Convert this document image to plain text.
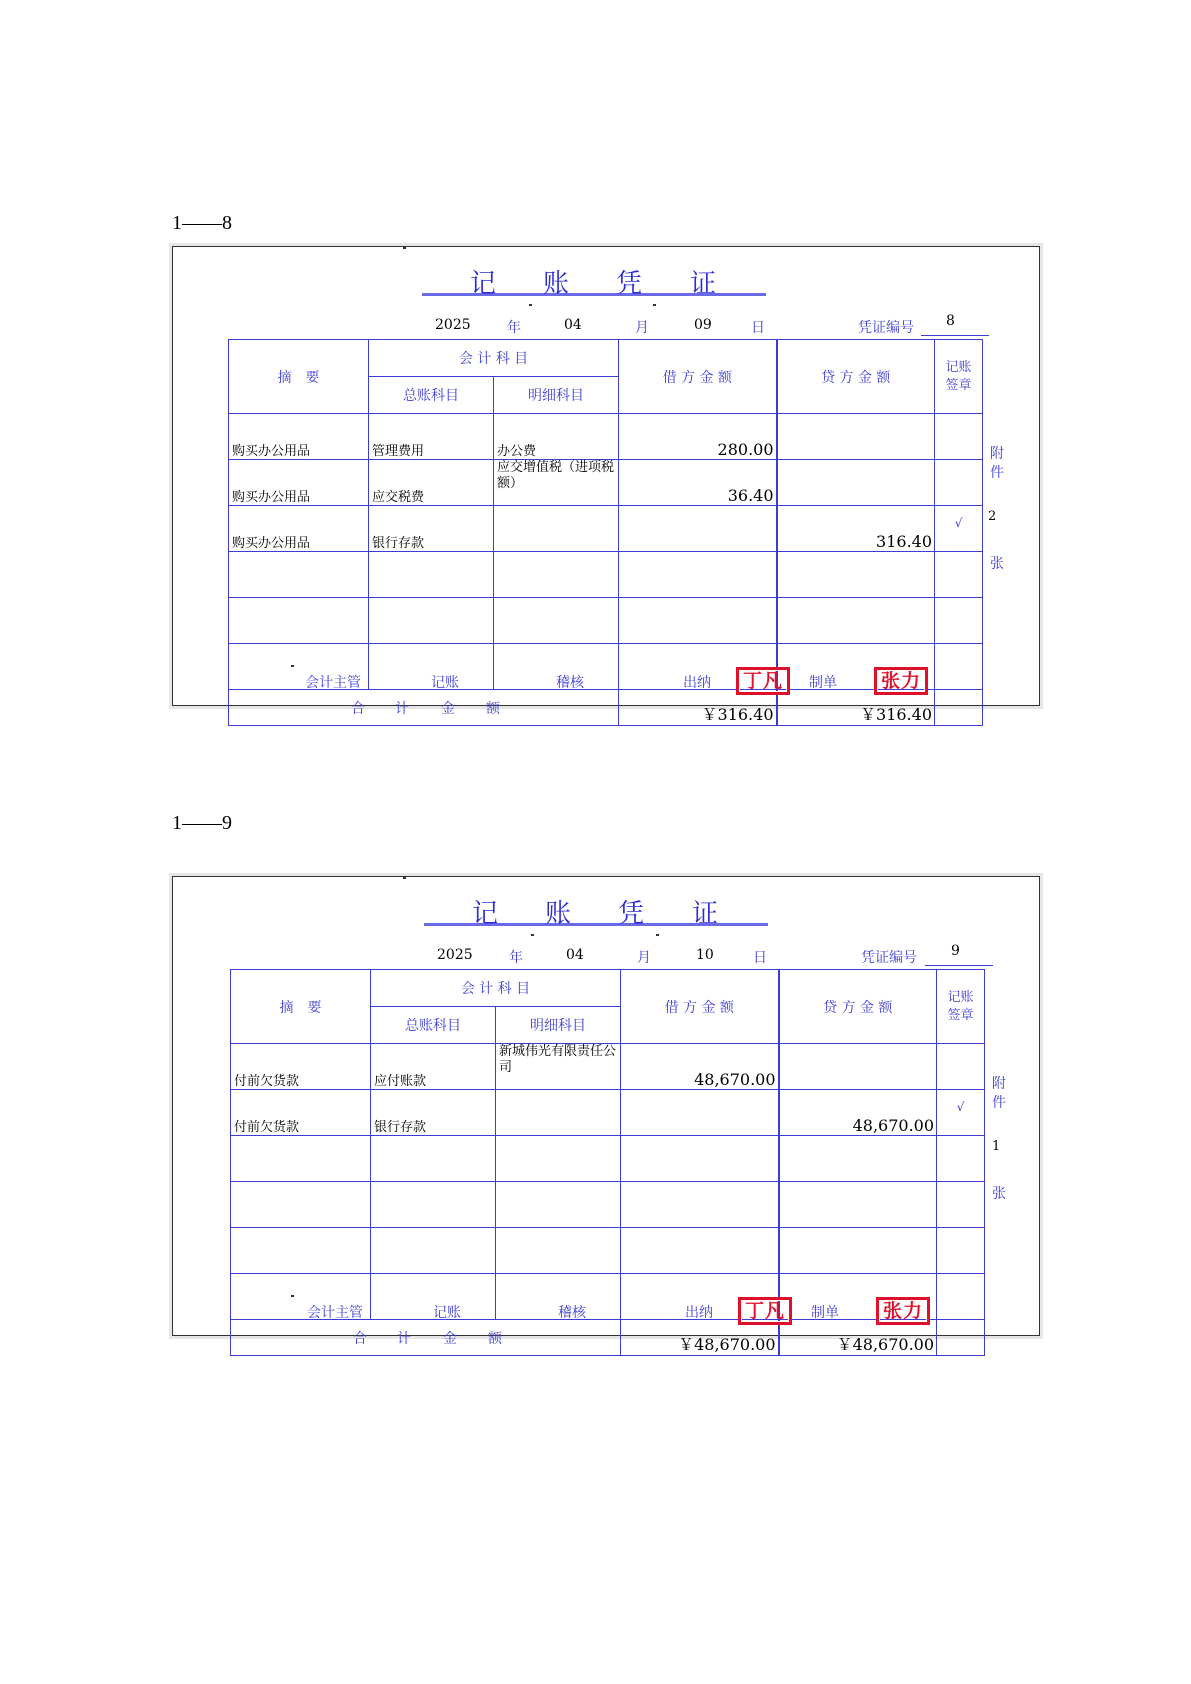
1——8
记 账 凭 证
2025	年	04	月	09	日	凭证编号 8
摘　要	会 计 科 目		借 方 金 额	贷 方 金 额	记账
签章

	总账科目	明细科目			
购买办公用品	管理费用	办公费	280.00		
购买办公用品	应交税费	应交增值税（进项税额）	36.40		
购买办公用品	银行存款			316.40	√

合 计 金 额			￥316.40	￥316.40	
附
件
2
张
会计主管	记账	稽核	出纳	丁凡	制单	张力
1——9
记 账 凭 证
2025	年	04	月	10	日	凭证编号 9
摘　要	会 计 科 目		借 方 金 额	贷 方 金 额	记账
签章

	总账科目	明细科目			
付前欠货款	应付账款	新城伟光有限责任公司	48,670.00		
付前欠货款	银行存款			48,670.00	√

合 计 金 额			￥48,670.00	￥48,670.00	
附
件
1
张
会计主管	记账	稽核	出纳	丁凡	制单	张力
